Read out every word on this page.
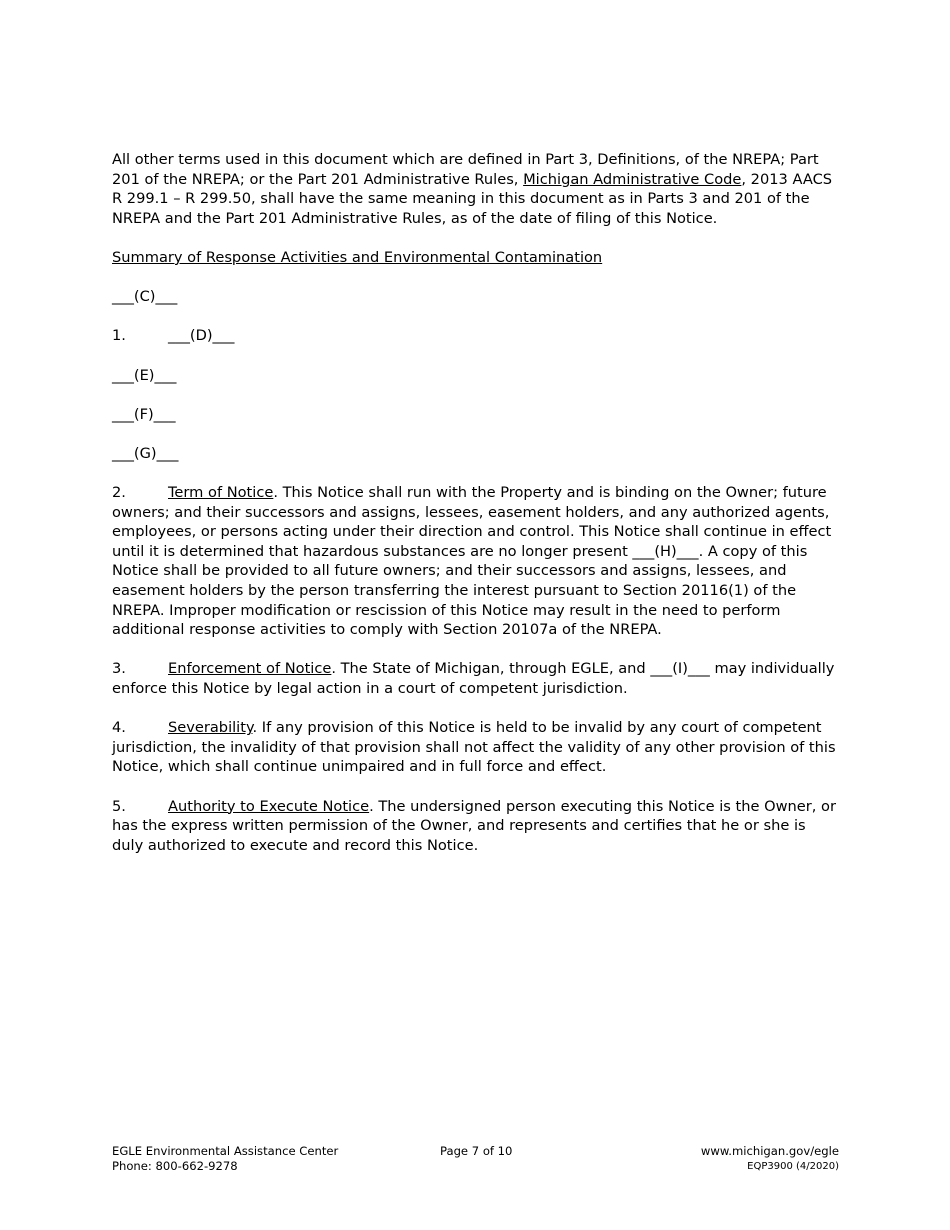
All other terms used in this document which are defined in Part 3, Definitions, of the NREPA; Part 201 of the NREPA; or the Part 201 Administrative Rules, Michigan Administrative Code, 2013 AACS R 299.1 – R 299.50, shall have the same meaning in this document as in Parts 3 and 201 of the NREPA and the Part 201 Administrative Rules, as of the date of filing of this Notice.

Summary of Response Activities and Environmental Contamination

___(C)___

1.	___(D)___

___(E)___

___(F)___

___(G)___

2.	Term of Notice. This Notice shall run with the Property and is binding on the Owner; future owners; and their successors and assigns, lessees, easement holders, and any authorized agents, employees, or persons acting under their direction and control. This Notice shall continue in effect until it is determined that hazardous substances are no longer present ___(H)___. A copy of this Notice shall be provided to all future owners; and their successors and assigns, lessees, and easement holders by the person transferring the interest pursuant to Section 20116(1) of the NREPA. Improper modification or rescission of this Notice may result in the need to perform additional response activities to comply with Section 20107a of the NREPA.

3.	Enforcement of Notice. The State of Michigan, through EGLE, and ___(I)___ may individually enforce this Notice by legal action in a court of competent jurisdiction.

4.	Severability. If any provision of this Notice is held to be invalid by any court of competent jurisdiction, the invalidity of that provision shall not affect the validity of any other provision of this Notice, which shall continue unimpaired and in full force and effect.

5.	Authority to Execute Notice. The undersigned person executing this Notice is the Owner, or has the express written permission of the Owner, and represents and certifies that he or she is duly authorized to execute and record this Notice.

EGLE Environmental Assistance Center
Phone: 800-662-9278
Page 7 of 10	www.michigan.gov/egle

EQP3900 (4/2020)
